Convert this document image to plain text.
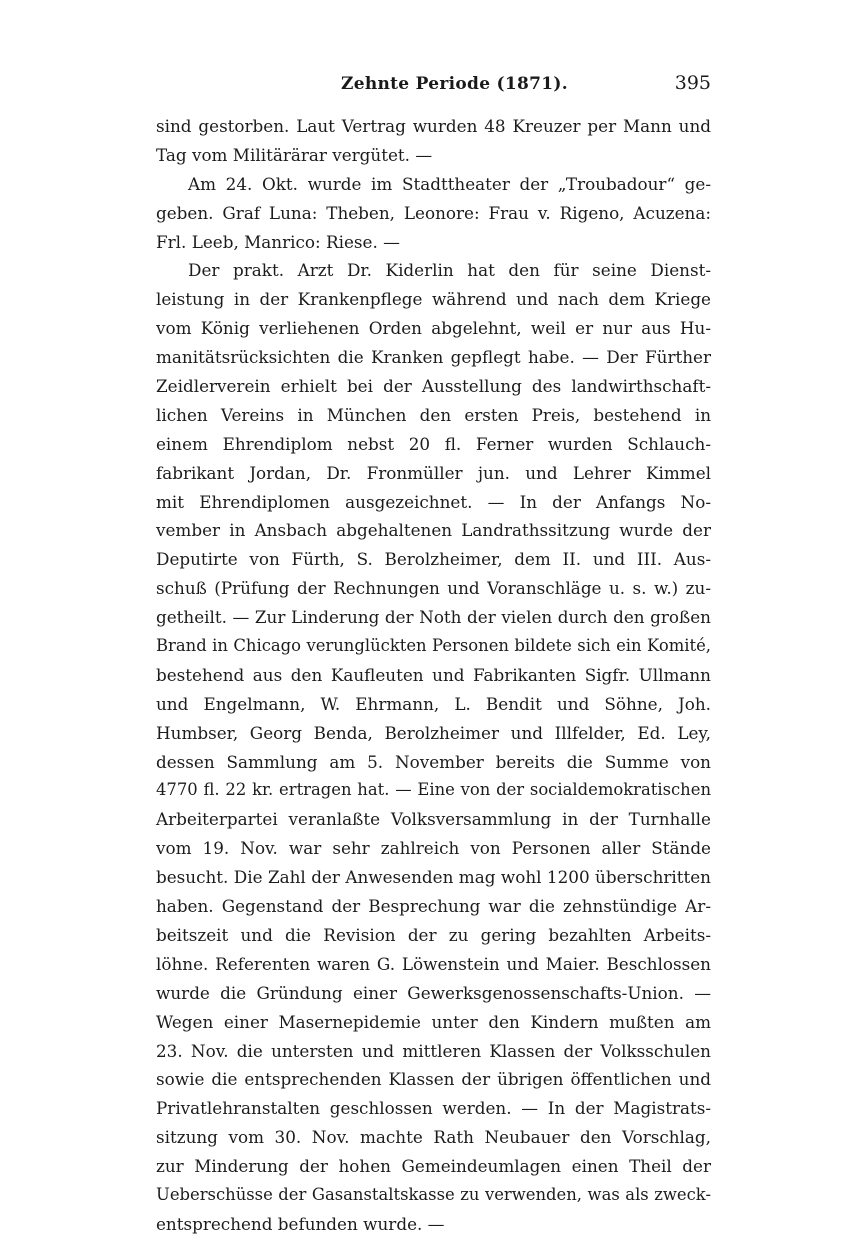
Zehnte Periode (1871).	395
sind gestorben. Laut Vertrag wurden 48 Kreuzer per Mann und
Tag vom Militärärar vergütet. —
Am 24. Okt. wurde im Stadttheater der „Troubadour“ ge-
geben. Graf Luna: Theben, Leonore: Frau v. Rigeno, Acuzena:
Frl. Leeb, Manrico: Riese. —
Der prakt. Arzt Dr. Kiderlin hat den für seine Dienst-
leistung in der Krankenpflege während und nach dem Kriege
vom König verliehenen Orden abgelehnt, weil er nur aus Hu-
manitätsrücksichten die Kranken gepflegt habe. — Der Fürther
Zeidlerverein erhielt bei der Ausstellung des landwirthschaft-
lichen Vereins in München den ersten Preis, bestehend in
einem Ehrendiplom nebst 20 fl. Ferner wurden Schlauch-
fabrikant Jordan, Dr. Fronmüller jun. und Lehrer Kimmel
mit Ehrendiplomen ausgezeichnet. — In der Anfangs No-
vember in Ansbach abgehaltenen Landrathssitzung wurde der
Deputirte von Fürth, S. Berolzheimer, dem II. und III. Aus-
schuß (Prüfung der Rechnungen und Voranschläge u. s. w.) zu-
getheilt. — Zur Linderung der Noth der vielen durch den großen
Brand in Chicago verunglückten Personen bildete sich ein Komité,
bestehend aus den Kaufleuten und Fabrikanten Sigfr. Ullmann
und Engelmann, W. Ehrmann, L. Bendit und Söhne, Joh.
Humbser, Georg Benda, Berolzheimer und Illfelder, Ed. Ley,
dessen Sammlung am 5. November bereits die Summe von
4770 fl. 22 kr. ertragen hat. — Eine von der socialdemokratischen
Arbeiterpartei veranlaßte Volksversammlung in der Turnhalle
vom 19. Nov. war sehr zahlreich von Personen aller Stände
besucht. Die Zahl der Anwesenden mag wohl 1200 überschritten
haben. Gegenstand der Besprechung war die zehnstündige Ar-
beitszeit und die Revision der zu gering bezahlten Arbeits-
löhne. Referenten waren G. Löwenstein und Maier. Beschlossen
wurde die Gründung einer Gewerksgenossenschafts-Union. —
Wegen einer Masernepidemie unter den Kindern mußten am
23. Nov. die untersten und mittleren Klassen der Volksschulen
sowie die entsprechenden Klassen der übrigen öffentlichen und
Privatlehranstalten geschlossen werden. — In der Magistrats-
sitzung vom 30. Nov. machte Rath Neubauer den Vorschlag,
zur Minderung der hohen Gemeindeumlagen einen Theil der
Ueberschüsse der Gasanstaltskasse zu verwenden, was als zweck-
entsprechend befunden wurde. —
